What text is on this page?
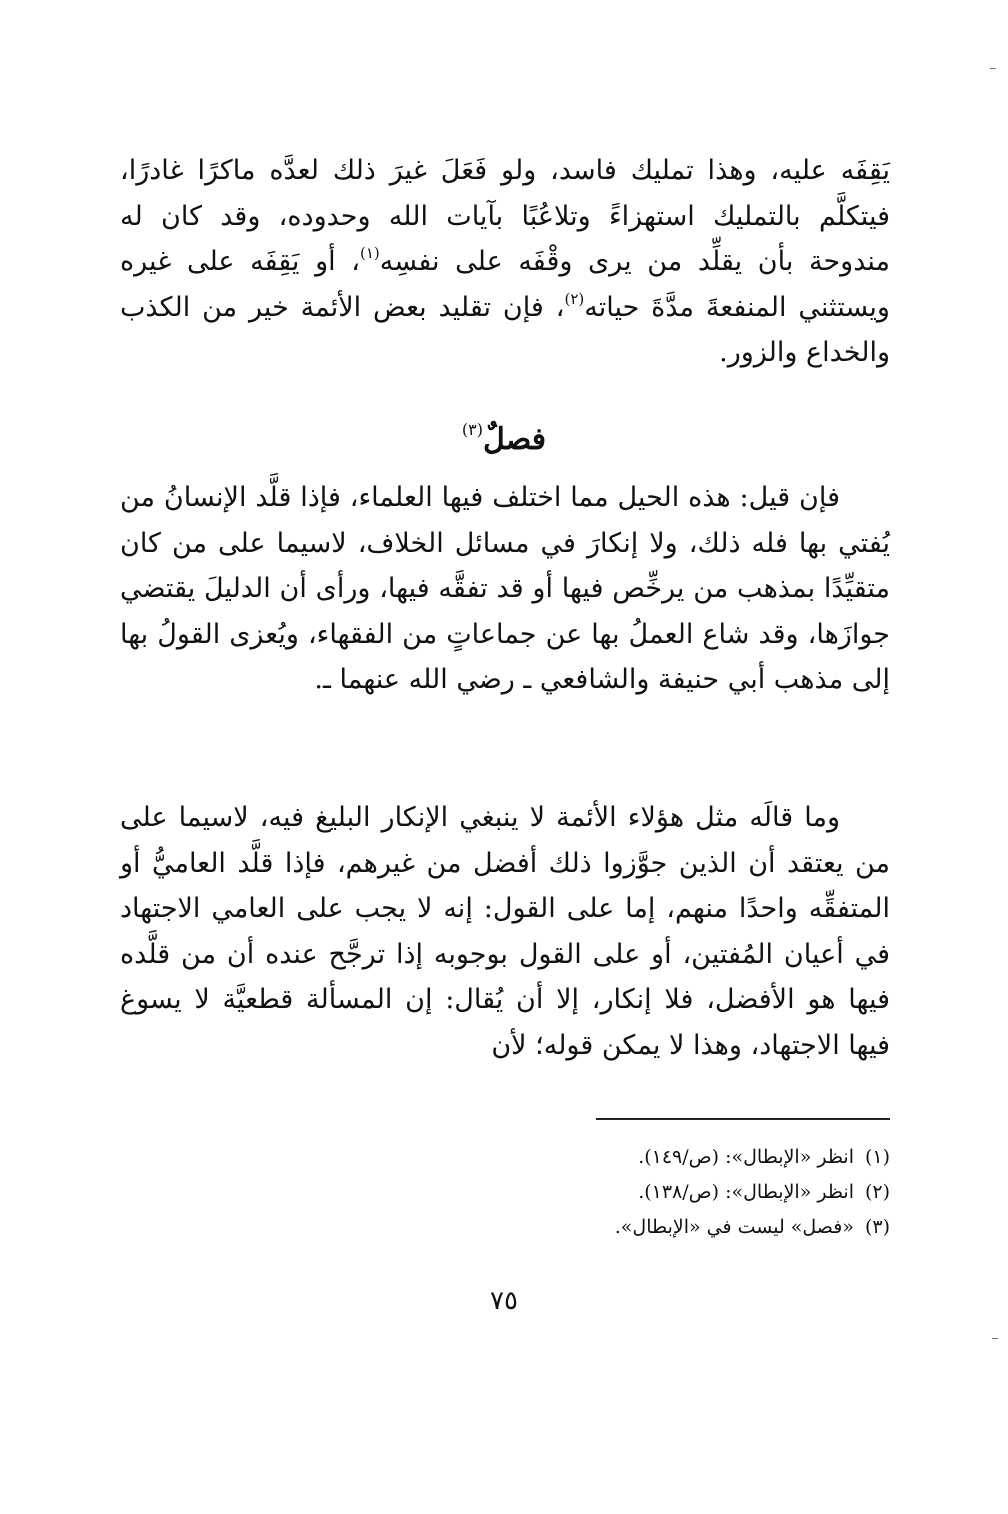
يَقِفَه عليه، وهذا تمليك فاسد، ولو فَعَلَ غيرَ ذلك لعدَّه ماكرًا غادرًا، فيتكلَّم بالتمليك استهزاءً وتلاعُبًا بآيات الله وحدوده، وقد كان له مندوحة بأن يقلِّد من يرى وقْفَه على نفسِه$^{(١)}$، أو يَقِفَه على غيره ويستثني المنفعةَ مدَّةَ حياته$^{(٢)}$، فإن تقليد بعض الأئمة خير من الكذب والخداع والزور.

فصلٌ$^{(٣)}$

فإن قيل: هذه الحيل مما اختلف فيها العلماء، فإذا قلَّد الإنسانُ من يُفتي بها فله ذلك، ولا إنكارَ في مسائل الخلاف، لاسيما على من كان متقيِّدًا بمذهب من يرخِّص فيها أو قد تفقَّه فيها، ورأى أن الدليلَ يقتضي جوازَها، وقد شاع العملُ بها عن جماعاتٍ من الفقهاء، ويُعزى القولُ بها إلى مذهب أبي حنيفة والشافعي ـ رضي الله عنهما ـ.

وما قالَه مثل هؤلاء الأئمة لا ينبغي الإنكار البليغ فيه، لاسيما على من يعتقد أن الذين جوَّزوا ذلك أفضل من غيرهم، فإذا قلَّد العاميُّ أو المتفقِّه واحدًا منهم، إما على القول: إنه لا يجب على العامي الاجتهاد في أعيان المُفتين، أو على القول بوجوبه إذا ترجَّح عنده أن من قلَّده فيها هو الأفضل، فلا إنكار، إلا أن يُقال: إن المسألة قطعيَّة لا يسوغ فيها الاجتهاد، وهذا لا يمكن قوله؛ لأن

(١)
انظر «الإبطال»: (ص/١٤٩).
(٢)
انظر «الإبطال»: (ص/١٣٨).
(٣)
«فصل» ليست في «الإبطال».
٧٥
